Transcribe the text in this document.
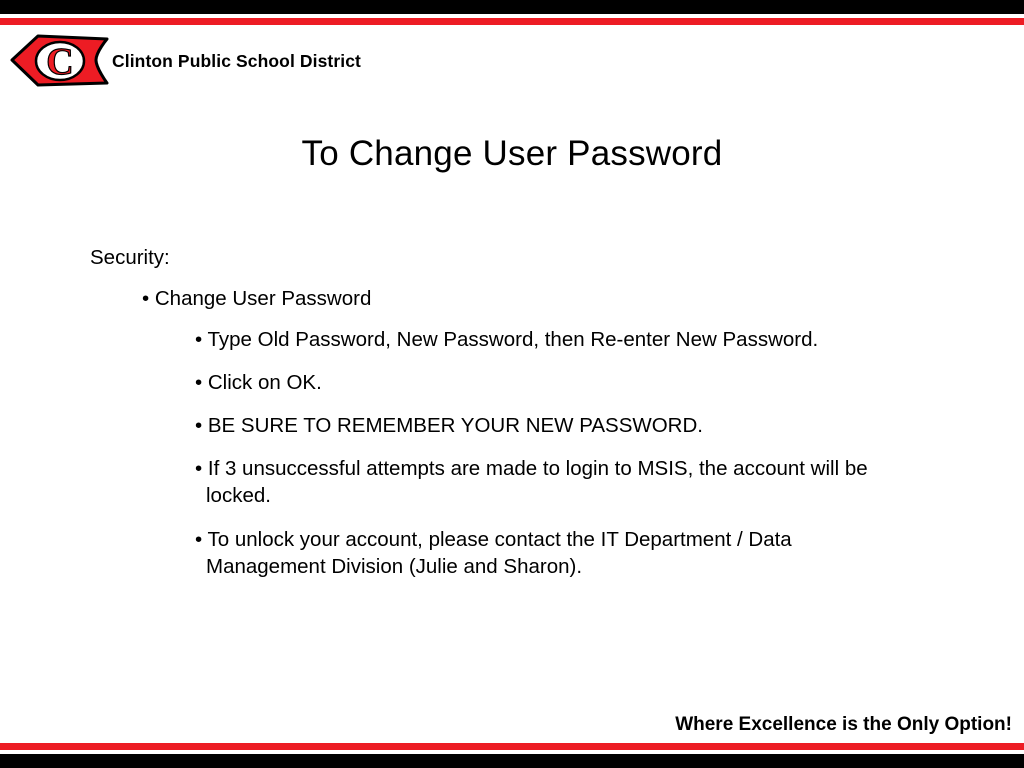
C Clinton Public School District
To Change User Password

Security:

• Change User Password

• Type Old Password, New Password, then Re-enter New Password.

• Click on OK.

• BE SURE TO REMEMBER YOUR NEW PASSWORD.

• If 3 unsuccessful attempts are made to login to MSIS, the account will be locked.

• To unlock your account, please contact the IT Department / Data Management Division (Julie and Sharon).

Where Excellence is the Only Option!
